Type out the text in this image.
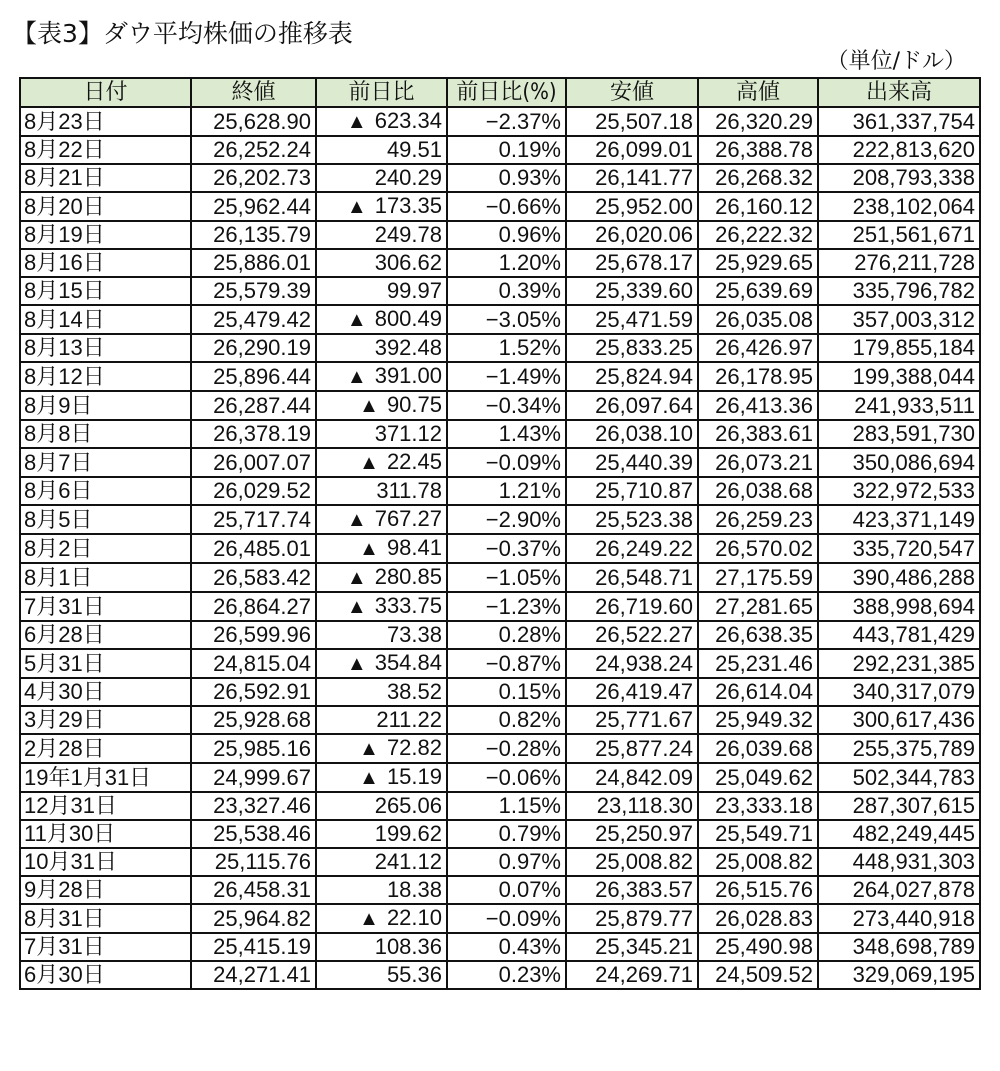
【表3】ダウ平均株価の推移表
（単位/ドル）
日付	終値	前日比	前日比(%)	安値	高値	出来高
8月23日	25,628.90	▲ 623.34	−2.37%	25,507.18	26,320.29	361,337,754
8月22日	26,252.24	49.51	0.19%	26,099.01	26,388.78	222,813,620
8月21日	26,202.73	240.29	0.93%	26,141.77	26,268.32	208,793,338
8月20日	25,962.44	▲ 173.35	−0.66%	25,952.00	26,160.12	238,102,064
8月19日	26,135.79	249.78	0.96%	26,020.06	26,222.32	251,561,671
8月16日	25,886.01	306.62	1.20%	25,678.17	25,929.65	276,211,728
8月15日	25,579.39	99.97	0.39%	25,339.60	25,639.69	335,796,782
8月14日	25,479.42	▲ 800.49	−3.05%	25,471.59	26,035.08	357,003,312
8月13日	26,290.19	392.48	1.52%	25,833.25	26,426.97	179,855,184
8月12日	25,896.44	▲ 391.00	−1.49%	25,824.94	26,178.95	199,388,044
8月9日	26,287.44	▲ 90.75	−0.34%	26,097.64	26,413.36	241,933,511
8月8日	26,378.19	371.12	1.43%	26,038.10	26,383.61	283,591,730
8月7日	26,007.07	▲ 22.45	−0.09%	25,440.39	26,073.21	350,086,694
8月6日	26,029.52	311.78	1.21%	25,710.87	26,038.68	322,972,533
8月5日	25,717.74	▲ 767.27	−2.90%	25,523.38	26,259.23	423,371,149
8月2日	26,485.01	▲ 98.41	−0.37%	26,249.22	26,570.02	335,720,547
8月1日	26,583.42	▲ 280.85	−1.05%	26,548.71	27,175.59	390,486,288
7月31日	26,864.27	▲ 333.75	−1.23%	26,719.60	27,281.65	388,998,694
6月28日	26,599.96	73.38	0.28%	26,522.27	26,638.35	443,781,429
5月31日	24,815.04	▲ 354.84	−0.87%	24,938.24	25,231.46	292,231,385
4月30日	26,592.91	38.52	0.15%	26,419.47	26,614.04	340,317,079
3月29日	25,928.68	211.22	0.82%	25,771.67	25,949.32	300,617,436
2月28日	25,985.16	▲ 72.82	−0.28%	25,877.24	26,039.68	255,375,789
19年1月31日	24,999.67	▲ 15.19	−0.06%	24,842.09	25,049.62	502,344,783
12月31日	23,327.46	265.06	1.15%	23,118.30	23,333.18	287,307,615
11月30日	25,538.46	199.62	0.79%	25,250.97	25,549.71	482,249,445
10月31日	25,115.76	241.12	0.97%	25,008.82	25,008.82	448,931,303
9月28日	26,458.31	18.38	0.07%	26,383.57	26,515.76	264,027,878
8月31日	25,964.82	▲ 22.10	−0.09%	25,879.77	26,028.83	273,440,918
7月31日	25,415.19	108.36	0.43%	25,345.21	25,490.98	348,698,789
6月30日	24,271.41	55.36	0.23%	24,269.71	24,509.52	329,069,195
